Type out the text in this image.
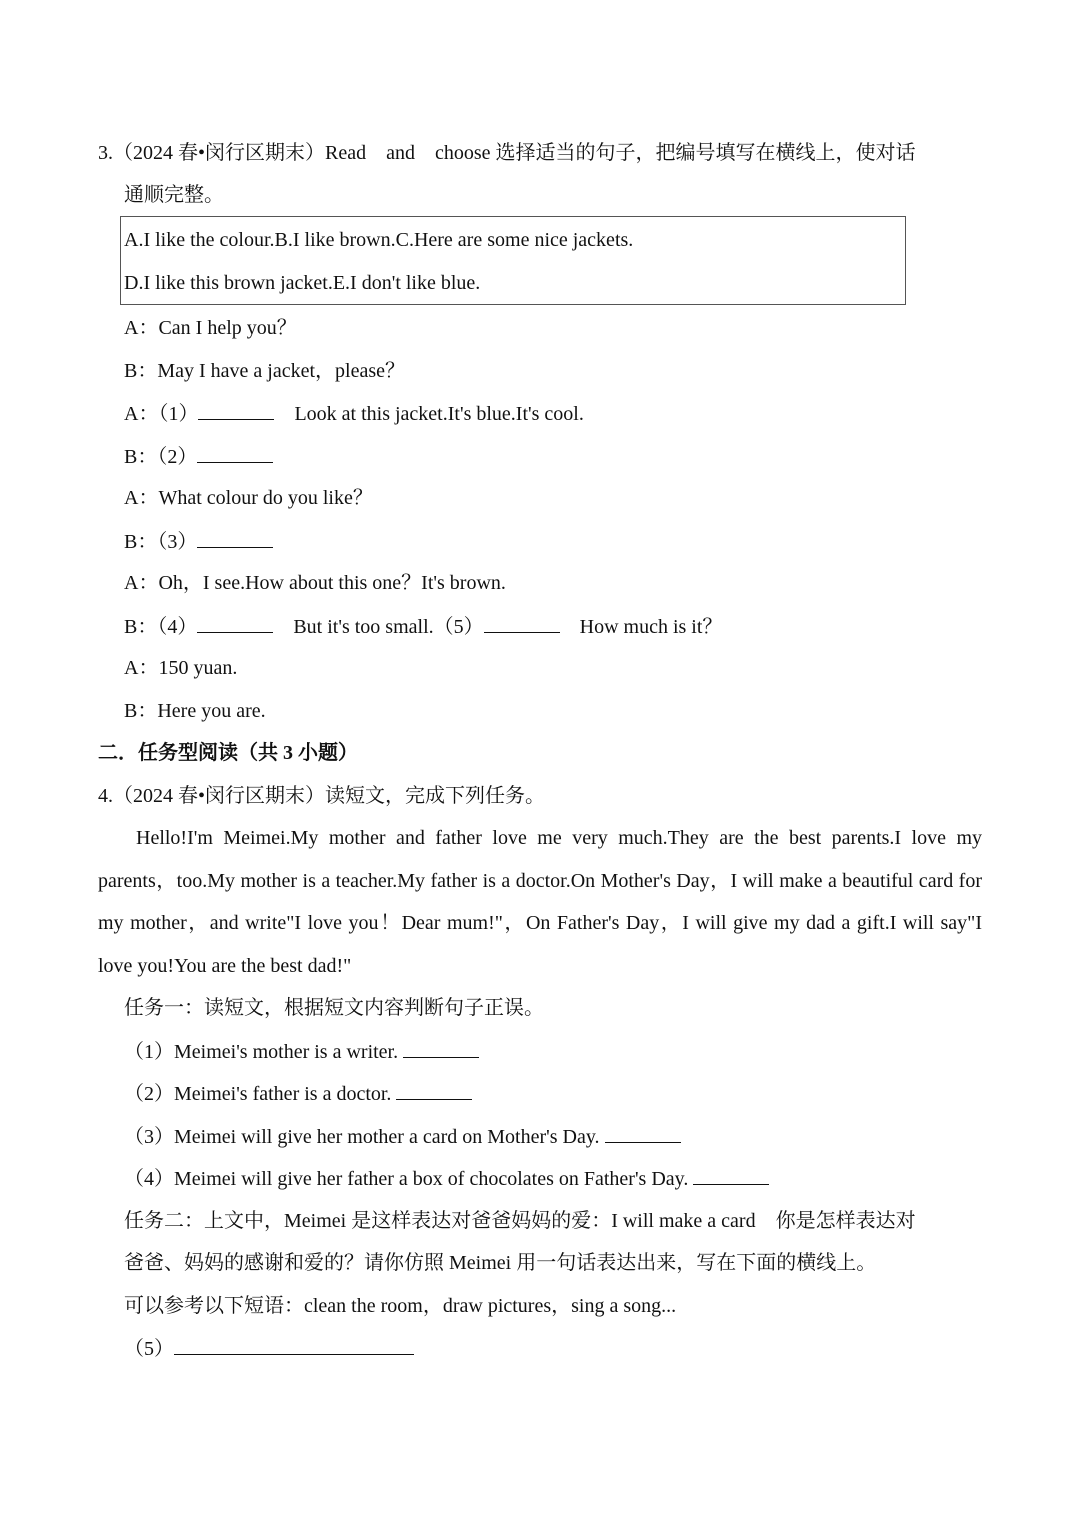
3.（2024 春•闵行区期末）Read　and　choose 选择适当的句子，把编号填写在横线上，使对话
通顺完整。
A.I like the colour.B.I like brown.C.Here are some nice jackets.
D.I like this brown jacket.E.I don't like blue.
A：Can I help you？
B：May I have a jacket，please？
A：（1）	　Look at this jacket.It's blue.It's cool.
B：（2）
A：What colour do you like？
B：（3）
A：Oh，I see.How about this one？It's brown.
B：（4）	　But it's too small.（5）	　How much is it？
A：150 yuan.
B：Here you are.
二．任务型阅读（共 3 小题）
4.（2024 春•闵行区期末）读短文，完成下列任务。
Hello!I'm Meimei.My mother and father love me very much.They are the best parents.I love my parents，too.My mother is a teacher.My father is a doctor.On Mother's Day，I will make a beautiful card for my mother，and write"I love you！Dear mum!"，On Father's Day，I will give my dad a gift.I will say"I love you!You are the best dad!"
任务一：读短文，根据短文内容判断句子正误。
（1）Meimei's mother is a writer.
（2）Meimei's father is a doctor.
（3）Meimei will give her mother a card on Mother's Day.
（4）Meimei will give her father a box of chocolates on Father's Day.
任务二：上文中，Meimei 是这样表达对爸爸妈妈的爱：I will make a card　你是怎样表达对
爸爸、妈妈的感谢和爱的？请你仿照 Meimei 用一句话表达出来，写在下面的横线上。
可以参考以下短语：clean the room，draw pictures，sing a song...
（5）
